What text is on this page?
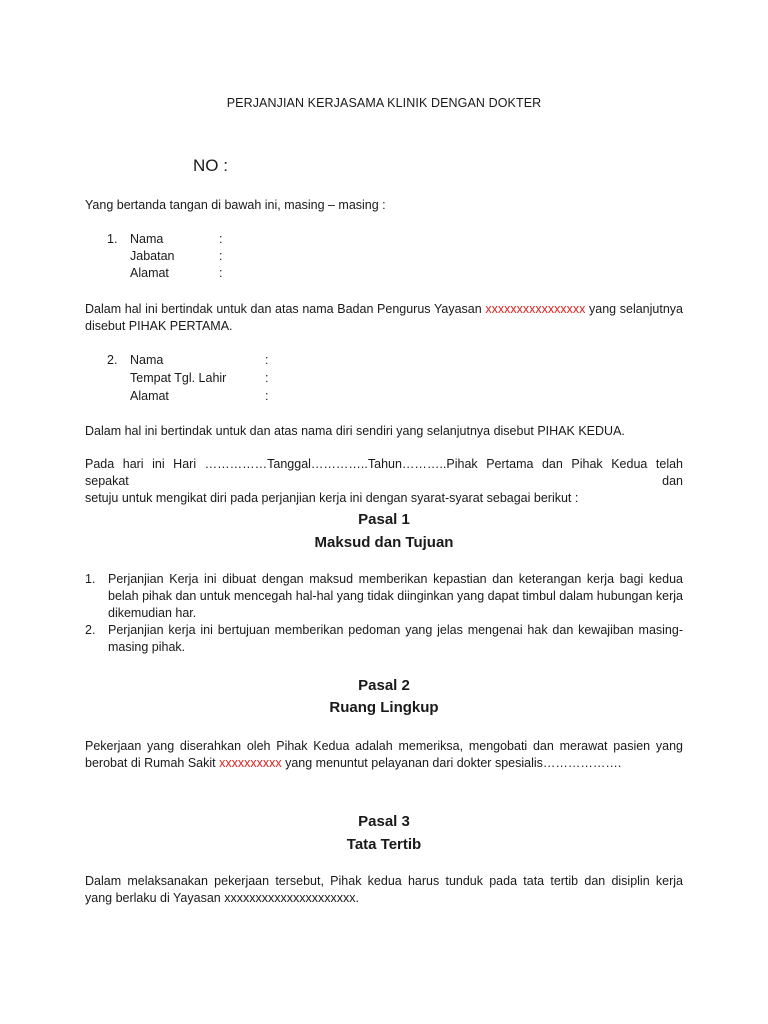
PERJANJIAN KERJASAMA KLINIK DENGAN DOKTER
NO :
Yang bertanda tangan di bawah ini, masing – masing :
1. Nama	:
Jabatan	:
Alamat	:
Dalam hal ini bertindak untuk dan atas nama Badan Pengurus Yayasan xxxxxxxxxxxxxxxx yang selanjutnya
disebut PIHAK PERTAMA.
2. Nama	:
Tempat Tgl. Lahir	:
Alamat	:
Dalam hal ini bertindak untuk dan atas nama diri sendiri yang selanjutnya disebut PIHAK KEDUA.
Pada hari ini Hari ……………Tanggal…………..Tahun………..Pihak Pertama dan Pihak Kedua telah sepakat dan
setuju untuk mengikat diri pada perjanjian kerja ini dengan syarat-syarat sebagai berikut :
Pasal 1
Maksud dan Tujuan
1. Perjanjian Kerja ini dibuat dengan maksud memberikan kepastian dan keterangan kerja bagi kedua belah pihak dan untuk mencegah hal-hal yang tidak diinginkan yang dapat timbul dalam hubungan kerja dikemudian har.
2. Perjanjian kerja ini bertujuan memberikan pedoman yang jelas mengenai hak dan kewajiban masing-masing pihak.
Pasal 2
Ruang Lingkup
Pekerjaan yang diserahkan oleh Pihak Kedua adalah memeriksa, mengobati dan merawat pasien yang
berobat di Rumah Sakit xxxxxxxxxx yang menuntut pelayanan dari dokter spesialis……………….
Pasal 3
Tata Tertib
Dalam melaksanakan pekerjaan tersebut, Pihak kedua harus tunduk pada tata tertib dan disiplin kerja
yang berlaku di Yayasan xxxxxxxxxxxxxxxxxxxxx.
